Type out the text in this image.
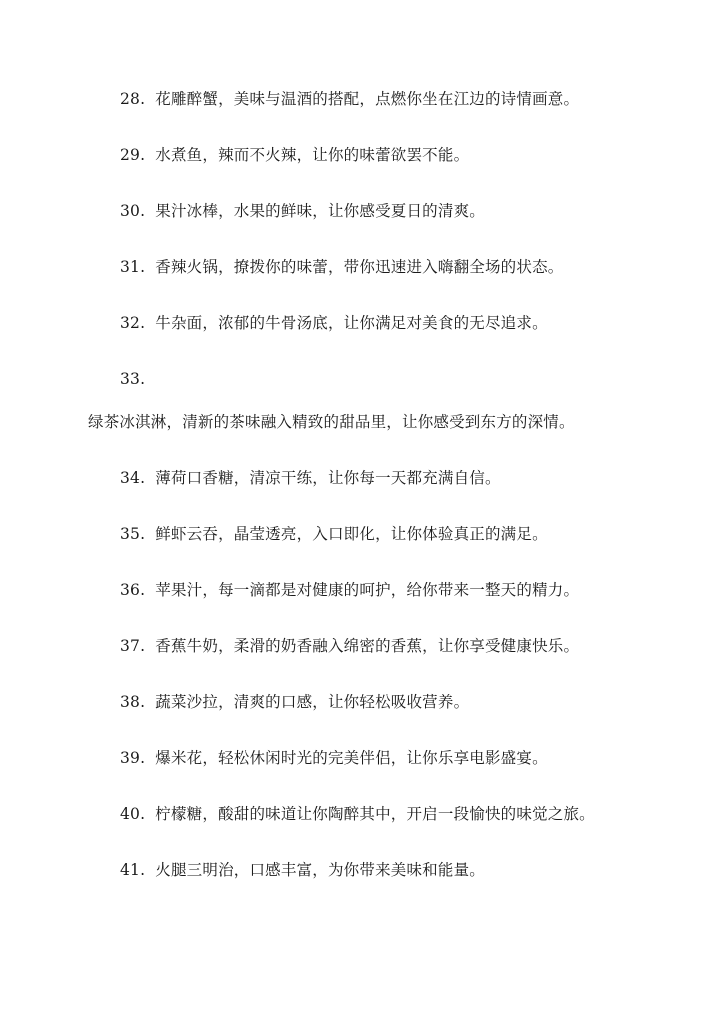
28. 花雕醉蟹，美味与温酒的搭配，点燃你坐在江边的诗情画意。
29. 水煮鱼，辣而不火辣，让你的味蕾欲罢不能。
30. 果汁冰棒，水果的鲜味，让你感受夏日的清爽。
31. 香辣火锅，撩拨你的味蕾，带你迅速进入嗨翻全场的状态。
32. 牛杂面，浓郁的牛骨汤底，让你满足对美食的无尽追求。
33.
绿茶冰淇淋，清新的茶味融入精致的甜品里，让你感受到东方的深情。
34. 薄荷口香糖，清凉干练，让你每一天都充满自信。
35. 鲜虾云吞，晶莹透亮，入口即化，让你体验真正的满足。
36. 苹果汁，每一滴都是对健康的呵护，给你带来一整天的精力。
37. 香蕉牛奶，柔滑的奶香融入绵密的香蕉，让你享受健康快乐。
38. 蔬菜沙拉，清爽的口感，让你轻松吸收营养。
39. 爆米花，轻松休闲时光的完美伴侣，让你乐享电影盛宴。
40. 柠檬糖，酸甜的味道让你陶醉其中，开启一段愉快的味觉之旅。
41. 火腿三明治，口感丰富，为你带来美味和能量。
